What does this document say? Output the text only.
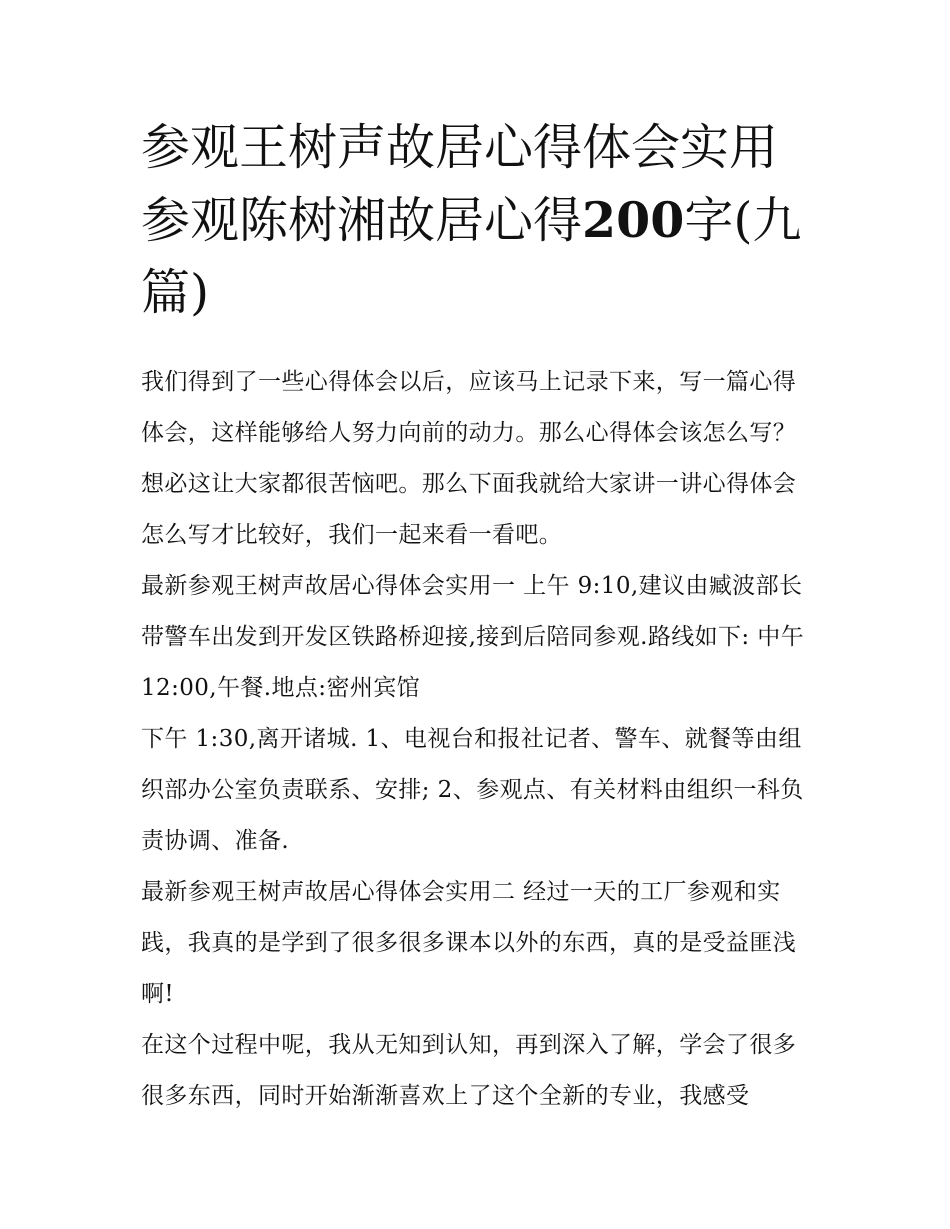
参观王树声故居心得体会实用参观陈树湘故居心得200字(九篇)

我们得到了一些心得体会以后，应该马上记录下来，写一篇心得体会，这样能够给人努力向前的动力。那么心得体会该怎么写？想必这让大家都很苦恼吧。那么下面我就给大家讲一讲心得体会怎么写才比较好，我们一起来看一看吧。

最新参观王树声故居心得体会实用一 上午 9:10,建议由臧波部长带警车出发到开发区铁路桥迎接,接到后陪同参观.路线如下: 中午 12:00,午餐.地点:密州宾馆

下午 1:30,离开诸城. 1、电视台和报社记者、警车、就餐等由组织部办公室负责联系、安排; 2、参观点、有关材料由组织一科负责协调、准备.

最新参观王树声故居心得体会实用二 经过一天的工厂参观和实践，我真的是学到了很多很多课本以外的东西，真的是受益匪浅啊!

在这个过程中呢，我从无知到认知，再到深入了解，学会了很多很多东西，同时开始渐渐喜欢上了这个全新的专业，我感受
